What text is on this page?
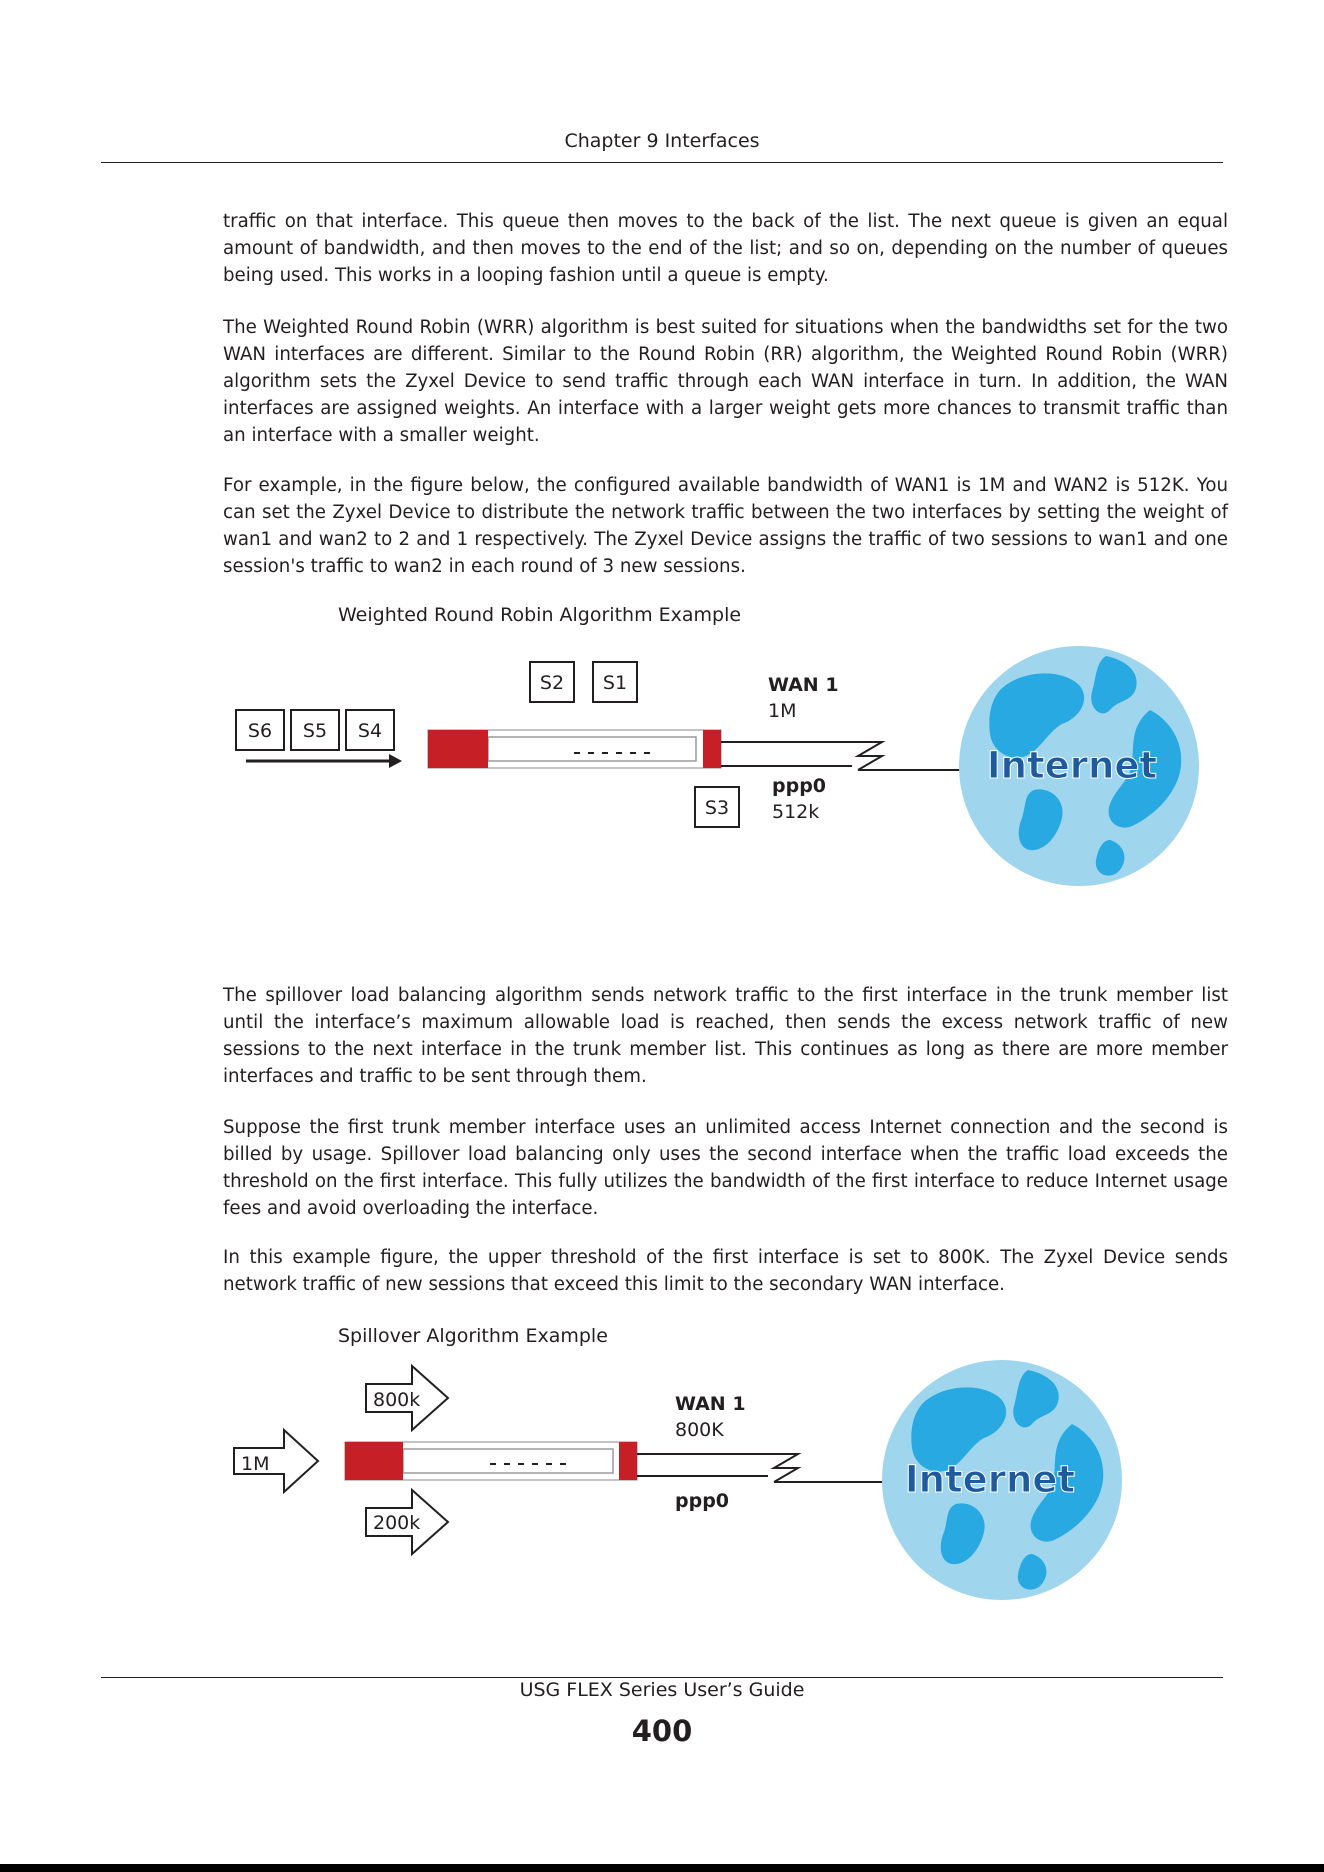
Chapter 9 Interfaces

traffic on that interface. This queue then moves to the back of the list. The next queue is given an equal amount of bandwidth, and then moves to the end of the list; and so on, depending on the number of queues being used. This works in a looping fashion until a queue is empty.

The Weighted Round Robin (WRR) algorithm is best suited for situations when the bandwidths set for the two WAN interfaces are different. Similar to the Round Robin (RR) algorithm, the Weighted Round Robin (WRR) algorithm sets the Zyxel Device to send traffic through each WAN interface in turn. In addition, the WAN interfaces are assigned weights. An interface with a larger weight gets more chances to transmit traffic than an interface with a smaller weight.

For example, in the figure below, the configured available bandwidth of WAN1 is 1M and WAN2 is 512K. You can set the Zyxel Device to distribute the network traffic between the two interfaces by setting the weight of wan1 and wan2 to 2 and 1 respectively. The Zyxel Device assigns the traffic of two sessions to wan1 and one session's traffic to wan2 in each round of 3 new sessions.

Weighted Round Robin Algorithm Example
S6 S5 S4
S2 S1
S3
WAN 1
1M
ppp0
512k
Internet

The spillover load balancing algorithm sends network traffic to the first interface in the trunk member list until the interface’s maximum allowable load is reached, then sends the excess network traffic of new sessions to the next interface in the trunk member list. This continues as long as there are more member interfaces and traffic to be sent through them.

Suppose the first trunk member interface uses an unlimited access Internet connection and the second is billed by usage. Spillover load balancing only uses the second interface when the traffic load exceeds the threshold on the first interface. This fully utilizes the bandwidth of the first interface to reduce Internet usage fees and avoid overloading the interface.

In this example figure, the upper threshold of the first interface is set to 800K. The Zyxel Device sends network traffic of new sessions that exceed this limit to the secondary WAN interface.

Spillover Algorithm Example
1M
800k
200k
WAN 1
800K
ppp0	Internet
USG FLEX Series User’s Guide
400
